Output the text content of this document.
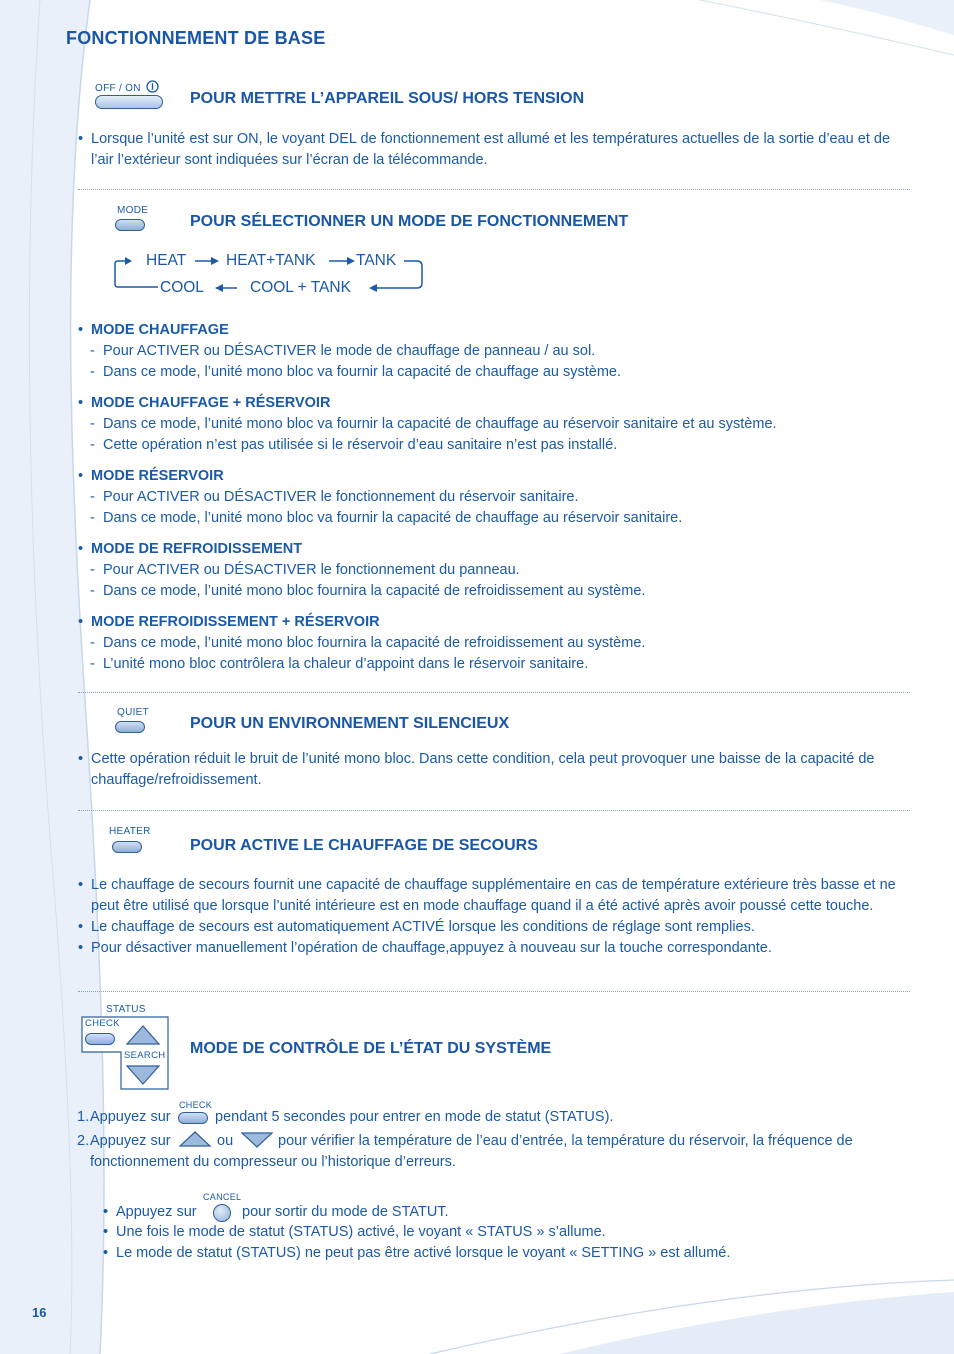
FONCTIONNEMENT DE BASE
OFF / ON
POUR METTRE L’APPAREIL SOUS/ HORS TENSION
• Lorsque l’unité est sur ON, le voyant DEL de fonctionnement est allumé et les températures actuelles de la sortie d’eau et de l’air l’extérieur sont indiquées sur l’écran de la télécommande.
MODE
POUR SÉLECTIONNER UN MODE DE FONCTIONNEMENT
HEAT	HEAT+TANK	TANK
COOL	COOL + TANK
• MODE CHAUFFAGE
- Pour ACTIVER ou DÉSACTIVER le mode de chauffage de panneau / au sol.
- Dans ce mode, l’unité mono bloc va fournir la capacité de chauffage au système.
• MODE CHAUFFAGE + RÉSERVOIR
- Dans ce mode, l’unité mono bloc va fournir la capacité de chauffage au réservoir sanitaire et au système.
- Cette opération n’est pas utilisée si le réservoir d’eau sanitaire n’est pas installé.
• MODE RÉSERVOIR
- Pour ACTIVER ou DÉSACTIVER le fonctionnement du réservoir sanitaire.
- Dans ce mode, l’unité mono bloc va fournir la capacité de chauffage au réservoir sanitaire.
• MODE DE REFROIDISSEMENT
- Pour ACTIVER ou DÉSACTIVER le fonctionnement du panneau.
- Dans ce mode, l’unité mono bloc fournira la capacité de refroidissement au système.
• MODE REFROIDISSEMENT + RÉSERVOIR
- Dans ce mode, l’unité mono bloc fournira la capacité de refroidissement au système.
- L’unité mono bloc contrôlera la chaleur d’appoint dans le réservoir sanitaire.
QUIET
POUR UN ENVIRONNEMENT SILENCIEUX
• Cette opération réduit le bruit de l’unité mono bloc. Dans cette condition, cela peut provoquer une baisse de la capacité de chauffage/refroidissement.
HEATER
POUR ACTIVE LE CHAUFFAGE DE SECOURS
• Le chauffage de secours fournit une capacité de chauffage supplémentaire en cas de température extérieure très basse et ne peut être utilisé que lorsque l’unité intérieure est en mode chauffage quand il a été activé après avoir poussé cette touche.
• Le chauffage de secours est automatiquement ACTIVÉ lorsque les conditions de réglage sont remplies.
• Pour désactiver manuellement l’opération de chauffage,appuyez à nouveau sur la touche correspondante.
STATUS
CHECK
SEARCH MODE DE CONTRÔLE DE L’ÉTAT DU SYSTÈME
1. Appuyez sur
CHECK
pendant 5 secondes pour entrer en mode de statut (STATUS).
2. Appuyez sur	ou	pour vérifier la température de l’eau d’entrée, la température du réservoir, la fréquence de
fonctionnement du compresseur ou l’historique d’erreurs.
• Appuyez sur
CANCEL
pour sortir du mode de STATUT.
• Une fois le mode de statut (STATUS) activé, le voyant « STATUS » s’allume.
• Le mode de statut (STATUS) ne peut pas être activé lorsque le voyant « SETTING » est allumé.
16
